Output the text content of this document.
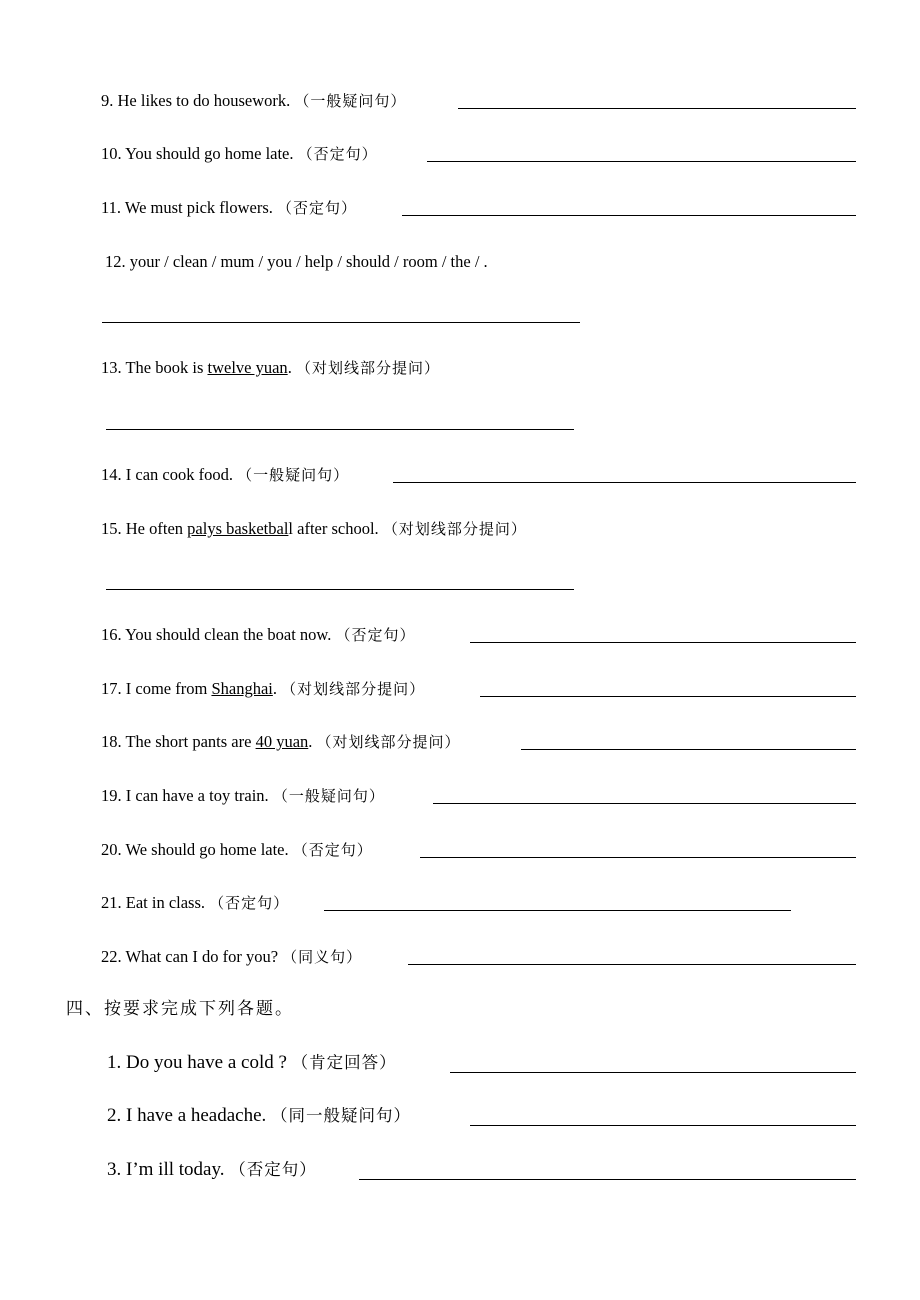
9. He likes to do housework. （一般疑问句）
10. You should go home late. （否定句）
11. We must pick flowers. （否定句）
12. your / clean / mum / you / help / should / room / the / .
13. The book is twelve yuan. （对划线部分提问）
14. I can cook food. （一般疑问句）
15. He often palys basketball after school. （对划线部分提问）
16. You should clean the boat now. （否定句）
17. I come from Shanghai. （对划线部分提问）
18. The short pants are 40 yuan. （对划线部分提问）
19. I can have a toy train. （一般疑问句）
20. We should go home late. （否定句）
21. Eat in class. （否定句）
22. What can I do for you? （同义句）
四、按要求完成下列各题。
1. Do you have a cold ? （肯定回答）
2. I have a headache. （同一般疑问句）
3. I’m ill today. （否定句）
